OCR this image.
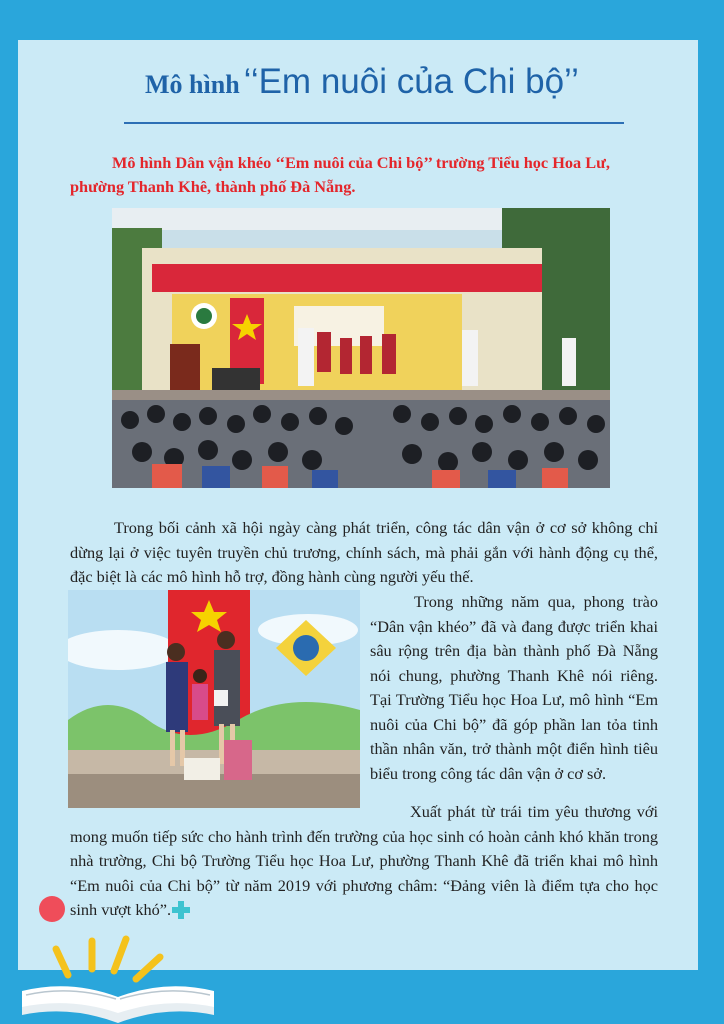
Mô hình ‘‘Em nuôi của Chi bộ’’
Mô hình Dân vận khéo ‘‘Em nuôi của Chi bộ’’ trường Tiểu học Hoa Lư, phường Thanh Khê, thành phố Đà Nẵng.
Trong bối cảnh xã hội ngày càng phát triển, công tác dân vận ở cơ sở không chỉ dừng lại ở việc tuyên truyền chủ trương, chính sách, mà phải gắn với hành động cụ thể, đặc biệt là các mô hình hỗ trợ, đồng hành cùng người yếu thế.
Trong những năm qua, phong trào “Dân vận khéo” đã và đang được triển khai sâu rộng trên địa bàn thành phố Đà Nẵng nói chung, phường Thanh Khê nói riêng. Tại Trường Tiểu học Hoa Lư, mô hình “Em nuôi của Chi bộ” đã góp phần lan tỏa tinh thần nhân văn, trở thành một điển hình tiêu biểu trong công tác dân vận ở cơ sở.
Xuất phát từ trái tim yêu thương với mong muốn tiếp sức cho hành trình đến trường của học sinh có hoàn cảnh khó khăn trong nhà trường, Chi bộ Trường Tiểu học Hoa Lư, phường Thanh Khê đã triển khai mô hình “Em nuôi của Chi bộ” từ năm 2019 với phương châm: “Đảng viên là điểm tựa cho học sinh vượt khó”.
